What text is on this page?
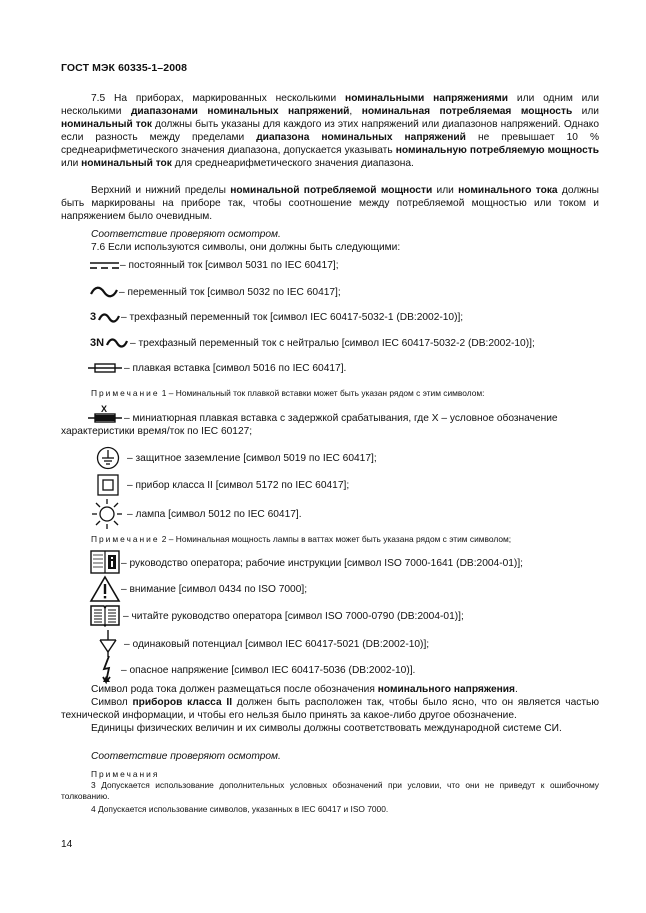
ГОСТ МЭК 60335-1–2008
7.5 На приборах, маркированных несколькими номинальными напряжениями или одним или несколькими диапазонами номинальных напряжений, номинальная потребляемая мощность или номинальный ток должны быть указаны для каждого из этих напряжений или диапазонов напряжений. Однако если разность между пределами диапазона номинальных напряжений не превышает 10 % среднеарифметического значения диапазона, допускается указывать номинальную потребляемую мощность или номинальный ток для среднеарифметического значения диапазона.
Верхний и нижний пределы номинальной потребляемой мощности или номинального тока должны быть маркированы на приборе так, чтобы соотношение между потребляемой мощностью или током и напряжением было очевидным.
Соответствие проверяют осмотром.
7.6 Если используются символы, они должны быть следующими:
– постоянный ток [символ 5031 по IEC 60417];
– переменный ток [символ 5032 по IEC 60417];
3 – трехфазный переменный ток [символ IEC 60417-5032-1 (DB:2002-10)];
3N	– трехфазный переменный ток с нейтралью [символ IEC 60417-5032-2 (DB:2002-10)];
– плавкая вставка [символ 5016 по IEC 60417].
Примечание 1 – Номинальный ток плавкой вставки может быть указан рядом с этим символом:
X
– миниатюрная плавкая вставка с задержкой срабатывания, где X – условное обозначение
характеристики время/ток по IEC 60127;
– защитное заземление [символ 5019 по IEC 60417];
– прибор класса II [символ 5172 по IEC 60417];
– лампа [символ 5012 по IEC 60417].
Примечание 2 – Номинальная мощность лампы в ваттах может быть указана рядом с этим символом;
– руководство оператора; рабочие инструкции [символ ISO 7000-1641 (DB:2004-01)];
– внимание [символ 0434 по ISO 7000];
– читайте руководство оператора [символ ISO 7000-0790 (DB:2004-01)];
– одинаковый потенциал [символ IEC 60417-5021 (DB:2002-10)];
– опасное напряжение [символ IEC 60417-5036 (DB:2002-10)].
Символ рода тока должен размещаться после обозначения номинального напряжения.
Символ приборов класса II должен быть расположен так, чтобы было ясно, что он является частью технической информации, и чтобы его нельзя было принять за какое-либо другое обозначение.
Единицы физических величин и их символы должны соответствовать международной системе СИ.
Соответствие проверяют осмотром.
Примечания
3 Допускается использование дополнительных условных обозначений при условии, что они не приведут к ошибочному толкованию.
4 Допускается использование символов, указанных в IEC 60417 и ISO 7000.
14
